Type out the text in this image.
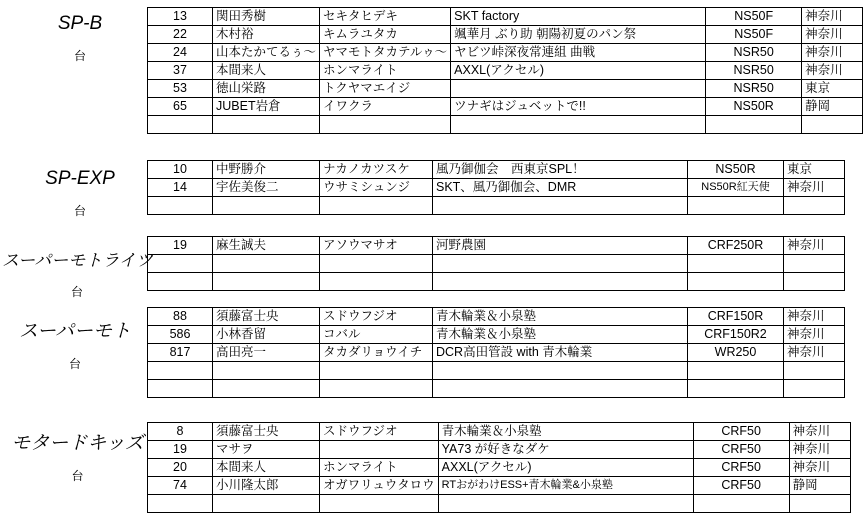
SP-B
台
13	関田秀樹	セキタヒデキ	SKT factory	NS50F	神奈川
22	木村裕	キムラユタカ	颯華月 ぶり助 朝陽初夏のパン祭	NS50F	神奈川
24	山本たかてるぅ～	ヤマモトタカテルゥ～	ヤビツ峠深夜常連組 曲戦	NSR50	神奈川
37	本間来人	ホンマライト	AXXL(アクセル)	NSR50	神奈川
53	徳山栄路	トクヤマエイジ		NSR50	東京
65	JUBET岩倉	イワクラ	ツナギはジュベットで!!	NS50R	静岡

SP-EXP
台
10	中野勝介	ナカノカツスケ	風乃御伽会　西東京SPL！	NS50R	東京
14	宇佐美俊二	ウサミシュンジ	SKT、風乃御伽会、DMR	NS50R紅天使	神奈川

スーパーモトライツ
台
19	麻生誠夫	アソウマサオ	河野農園	CRF250R	神奈川

スーパーモト
台
88	須藤富士央	スドウフジオ	青木輪業＆小泉塾	CRF150R	神奈川
586	小林香留	コバル	青木輪業＆小泉塾	CRF150R2	神奈川
817	高田亮一	タカダリョウイチ	DCR高田管設 with 青木輪業	WR250	神奈川

モタードキッズ
台
8	須藤富士央	スドウフジオ	青木輪業＆小泉塾	CRF50	神奈川
19	マサヲ		YA73 が好きなダケ	CRF50	神奈川
20	本間来人	ホンマライト	AXXL(アクセル)	CRF50	神奈川
74	小川隆太郎	オガワリュウタロウ	RTおがわけESS+青木輪業&小泉塾	CRF50	静岡
